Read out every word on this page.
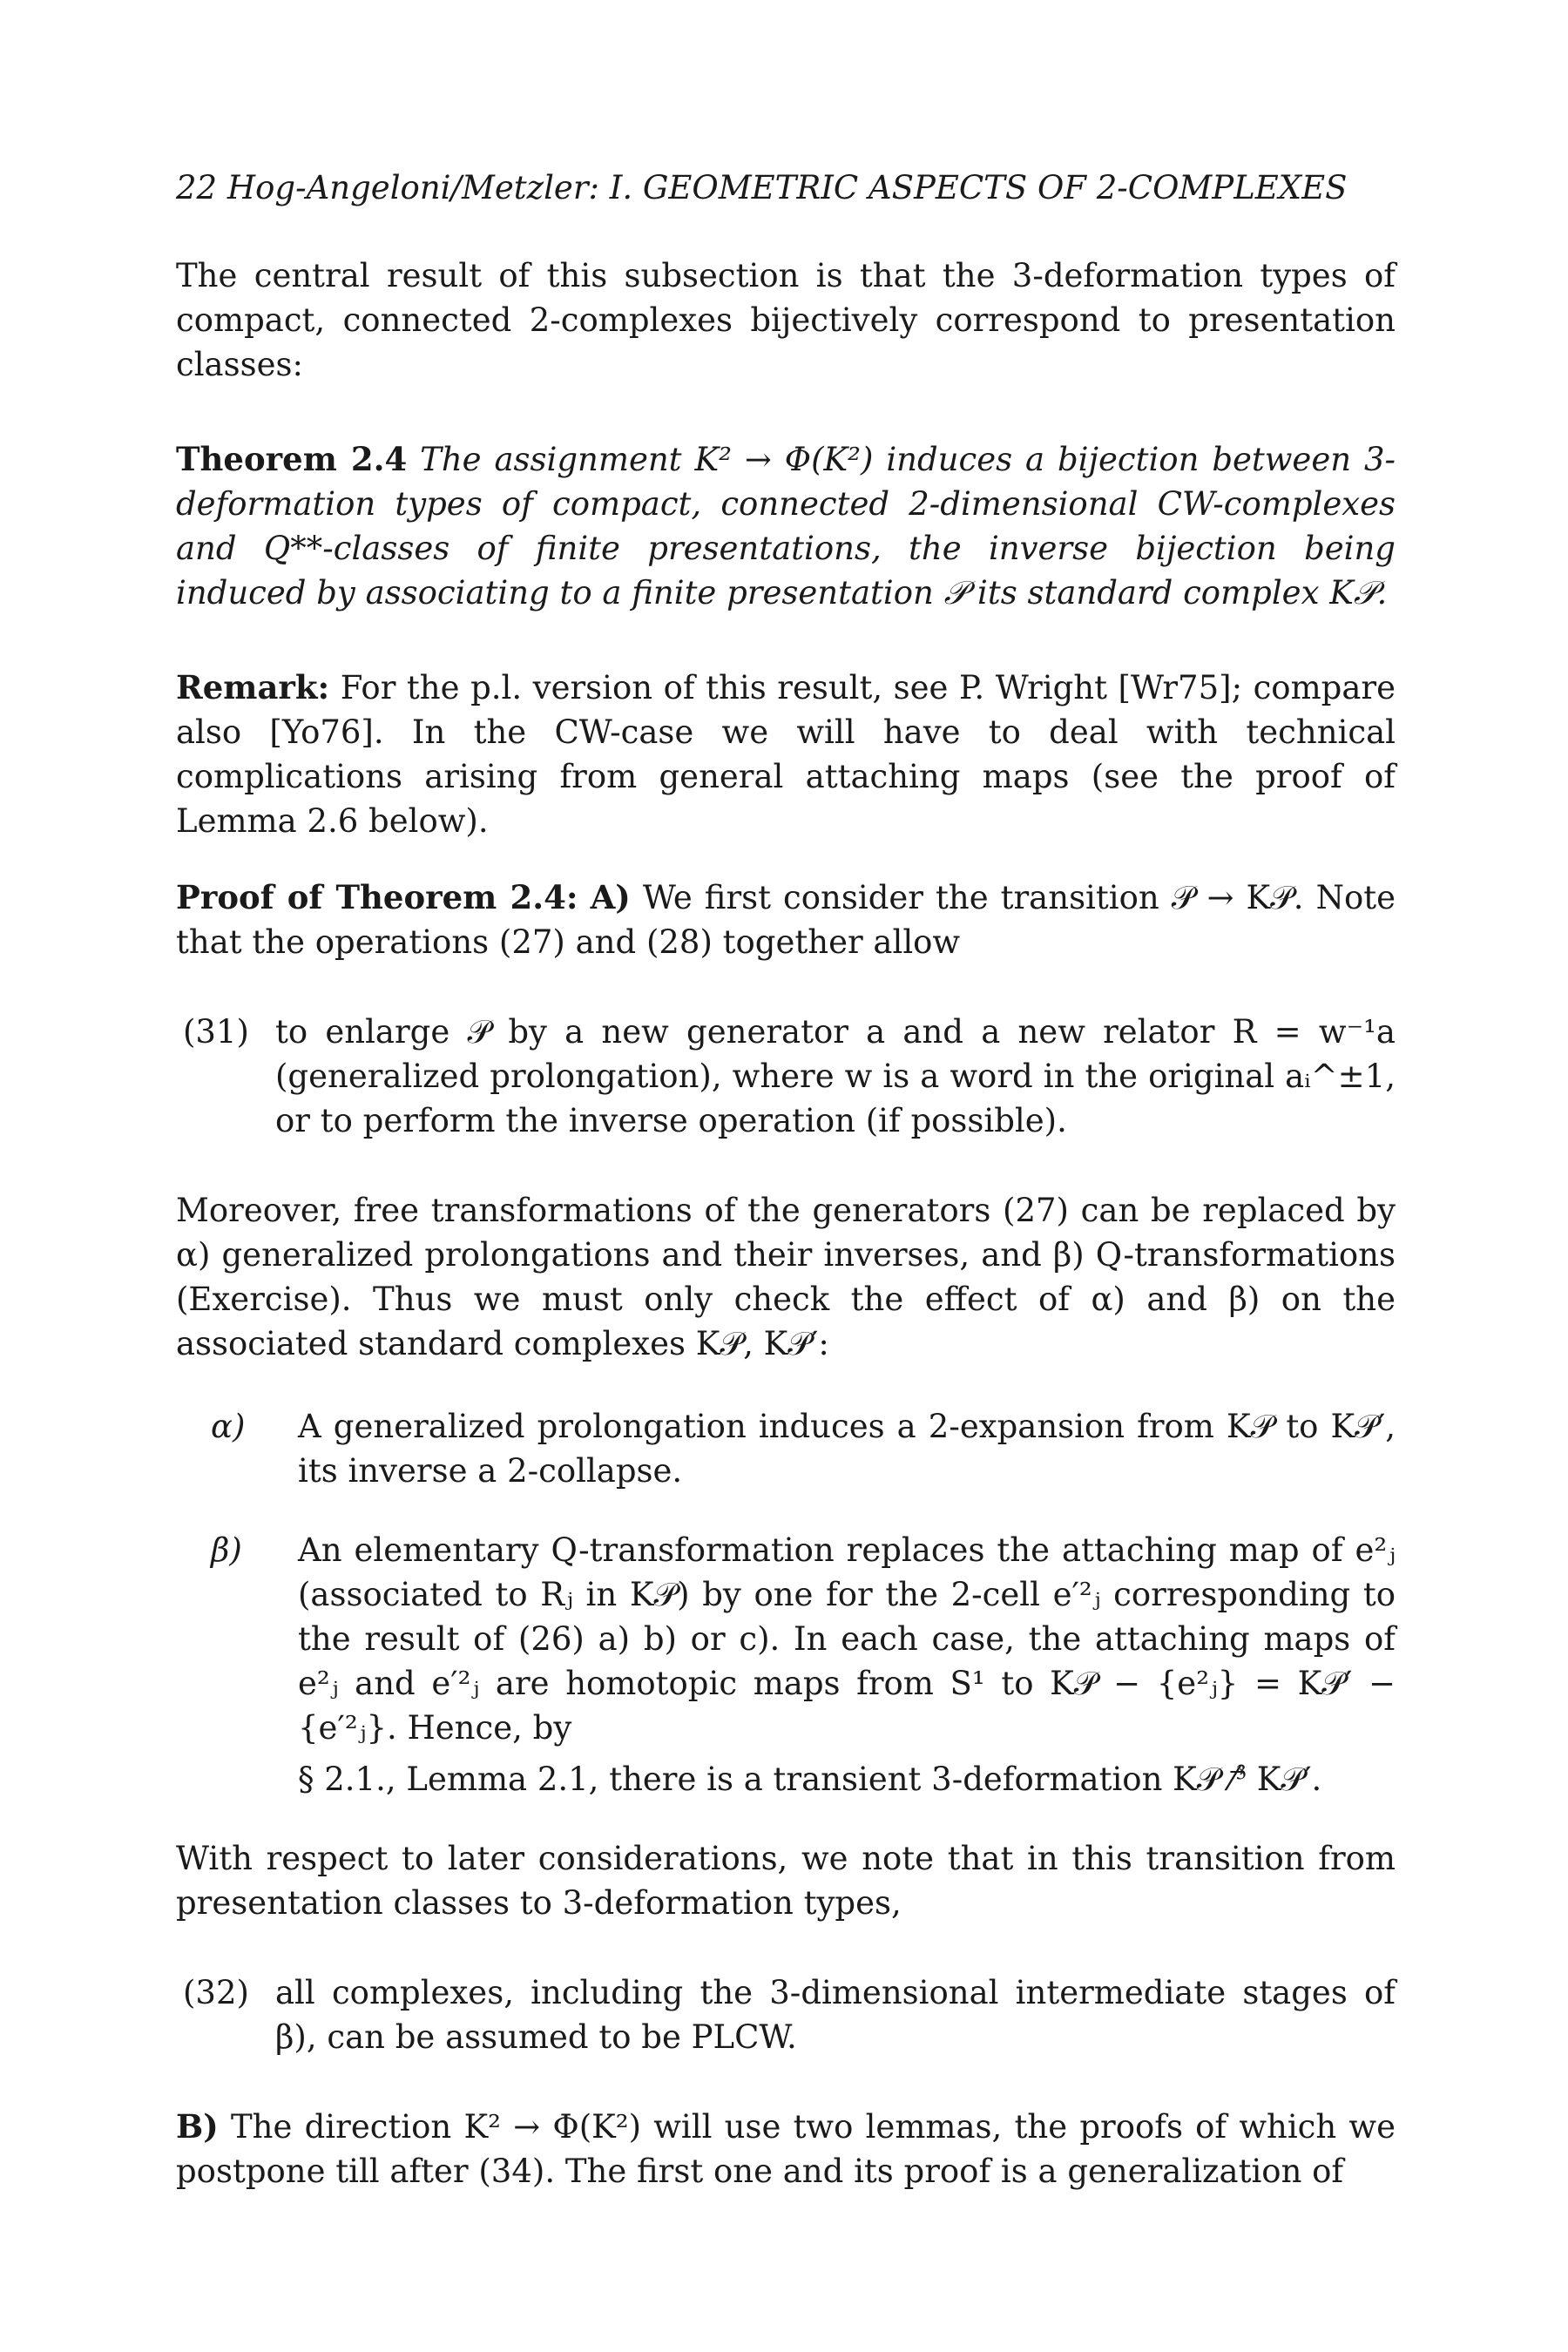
22 Hog-Angeloni/Metzler: I. GEOMETRIC ASPECTS OF 2-COMPLEXES

The central result of this subsection is that the 3-deformation types of compact, connected 2-complexes bijectively correspond to presentation classes:

Theorem 2.4 The assignment K² → Φ(K²) induces a bijection between 3-deformation types of compact, connected 2-dimensional CW-complexes and Q**-classes of finite presentations, the inverse bijection being induced by associating to a finite presentation 𝒫 its standard complex K𝒫.

Remark: For the p.l. version of this result, see P. Wright [Wr75]; compare also [Yo76]. In the CW-case we will have to deal with technical complications arising from general attaching maps (see the proof of Lemma 2.6 below).

Proof of Theorem 2.4: A) We first consider the transition 𝒫 → K𝒫. Note that the operations (27) and (28) together allow

(31) to enlarge 𝒫 by a new generator a and a new relator R = w⁻¹a (generalized prolongation), where w is a word in the original aᵢ^±1, or to perform the inverse operation (if possible).

Moreover, free transformations of the generators (27) can be replaced by α) generalized prolongations and their inverses, and β) Q-transformations (Exercise). Thus we must only check the effect of α) and β) on the associated standard complexes K𝒫, K𝒫′:

α)	A generalized prolongation induces a 2-expansion from K𝒫 to K𝒫′, its inverse a 2-collapse.
β)	An elementary Q-transformation replaces the attaching map of e²ⱼ (associated to Rⱼ in K𝒫) by one for the 2-cell e′²ⱼ corresponding to the result of (26) a) b) or c). In each case, the attaching maps of e²ⱼ and e′²ⱼ are homotopic maps from S¹ to K𝒫 − {e²ⱼ} = K𝒫′ − {e′²ⱼ}. Hence, by
§ 2.1., Lemma 2.1, there is a transient 3-deformation K𝒫 ⁄³⃗ K𝒫′.

With respect to later considerations, we note that in this transition from presentation classes to 3-deformation types,

(32) all complexes, including the 3-dimensional intermediate stages of β), can be assumed to be PLCW.

B) The direction K² → Φ(K²) will use two lemmas, the proofs of which we postpone till after (34). The first one and its proof is a generalization of
